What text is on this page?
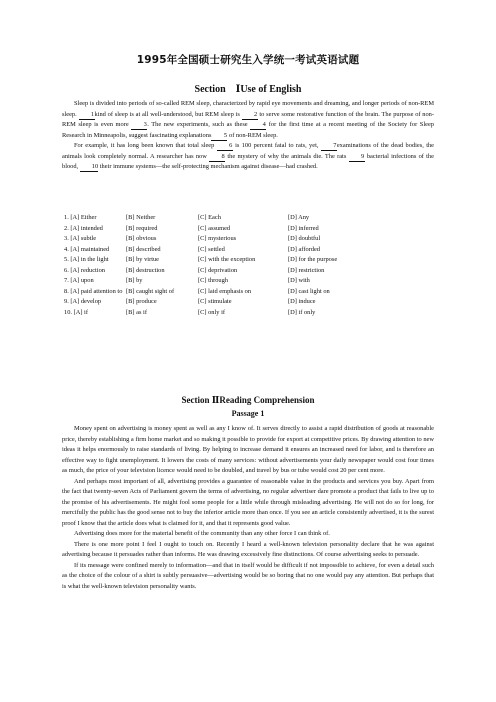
1995年全国硕士研究生入学统一考试英语试题
Section　ⅠUse of English

Sleep is divided into periods of so-called REM sleep, characterized by rapid eye movements and dreaming, and longer periods of non-REM sleep. 1kind of sleep is at all well-understood, but REM sleep is 2 to serve some restorative function of the brain. The purpose of non-REM sleep is even more 3. The new experiments, such as these 4 for the first time at a recent meeting of the Society for Sleep Research in Minneapolis, suggest fascinating explanations 5 of non-REM sleep.

For example, it has long been known that total sleep 6 is 100 percent fatal to rats, yet, 7examinations of the dead bodies, the animals look completely normal. A researcher has now 8 the mystery of why the animals die. The rats 9 bacterial infections of the blood, 10 their immune systems—the self-protecting mechanism against disease—had crashed.

1. [A] Either	[B] Neither	[C] Each	[D] Any
2. [A] intended	[B] required	[C] assumed	[D] inferred
3. [A] subtle	[B] obvious	[C] mysterious	[D] doubtful
4. [A] maintained	[B] described	[C] settled	[D] afforded
5. [A] in the light	[B] by virtue	[C] with the exception	[D] for the purpose
6. [A] reduction	[B] destruction	[C] deprivation	[D] restriction
7. [A] upon	[B] by	[C] through	[D] with
8. [A] paid attention to [B] caught sight of	[C] laid emphasis on	[D] cast light on
9. [A] develop	[B] produce	[C] stimulate	[D] induce
10. [A] if	[B] as if	[C] only if	[D] if only
Section ⅡReading Comprehension
Passage 1

Money spent on advertising is money spent as well as any I know of. It serves directly to assist a rapid distribution of goods at reasonable price, thereby establishing a firm home market and so making it possible to provide for export at competitive prices. By drawing attention to new ideas it helps enormously to raise standards of living. By helping to increase demand it ensures an increased need for labor, and is therefore an effective way to fight unemployment. It lowers the costs of many services: without advertisements your daily newspaper would cost four times as much, the price of your television licence would need to be doubled, and travel by bus or tube would cost 20 per cent more.

And perhaps most important of all, advertising provides a guarantee of reasonable value in the products and services you buy. Apart from the fact that twenty-seven Acts of Parliament govern the terms of advertising, no regular advertiser dare promote a product that fails to live up to the promise of his advertisements. He might fool some people for a little while through misleading advertising. He will not do so for long, for mercifully the public has the good sense not to buy the inferior article more than once. If you see an article consistently advertised, it is the surest proof I know that the article does what is claimed for it, and that it represents good value.

Advertising does more for the material benefit of the community than any other force I can think of.

There is one more point I feel I ought to touch on. Recently I heard a well-known television personality declare that he was against advertising because it persuades rather than informs. He was drawing excessively fine distinctions. Of course advertising seeks to persuade.

If its message were confined merely to information—and that in itself would be difficult if not impossible to achieve, for even a detail such as the choice of the colour of a shirt is subtly persuasive—advertising would be so boring that no one would pay any attention. But perhaps that is what the well-known television personality wants.
